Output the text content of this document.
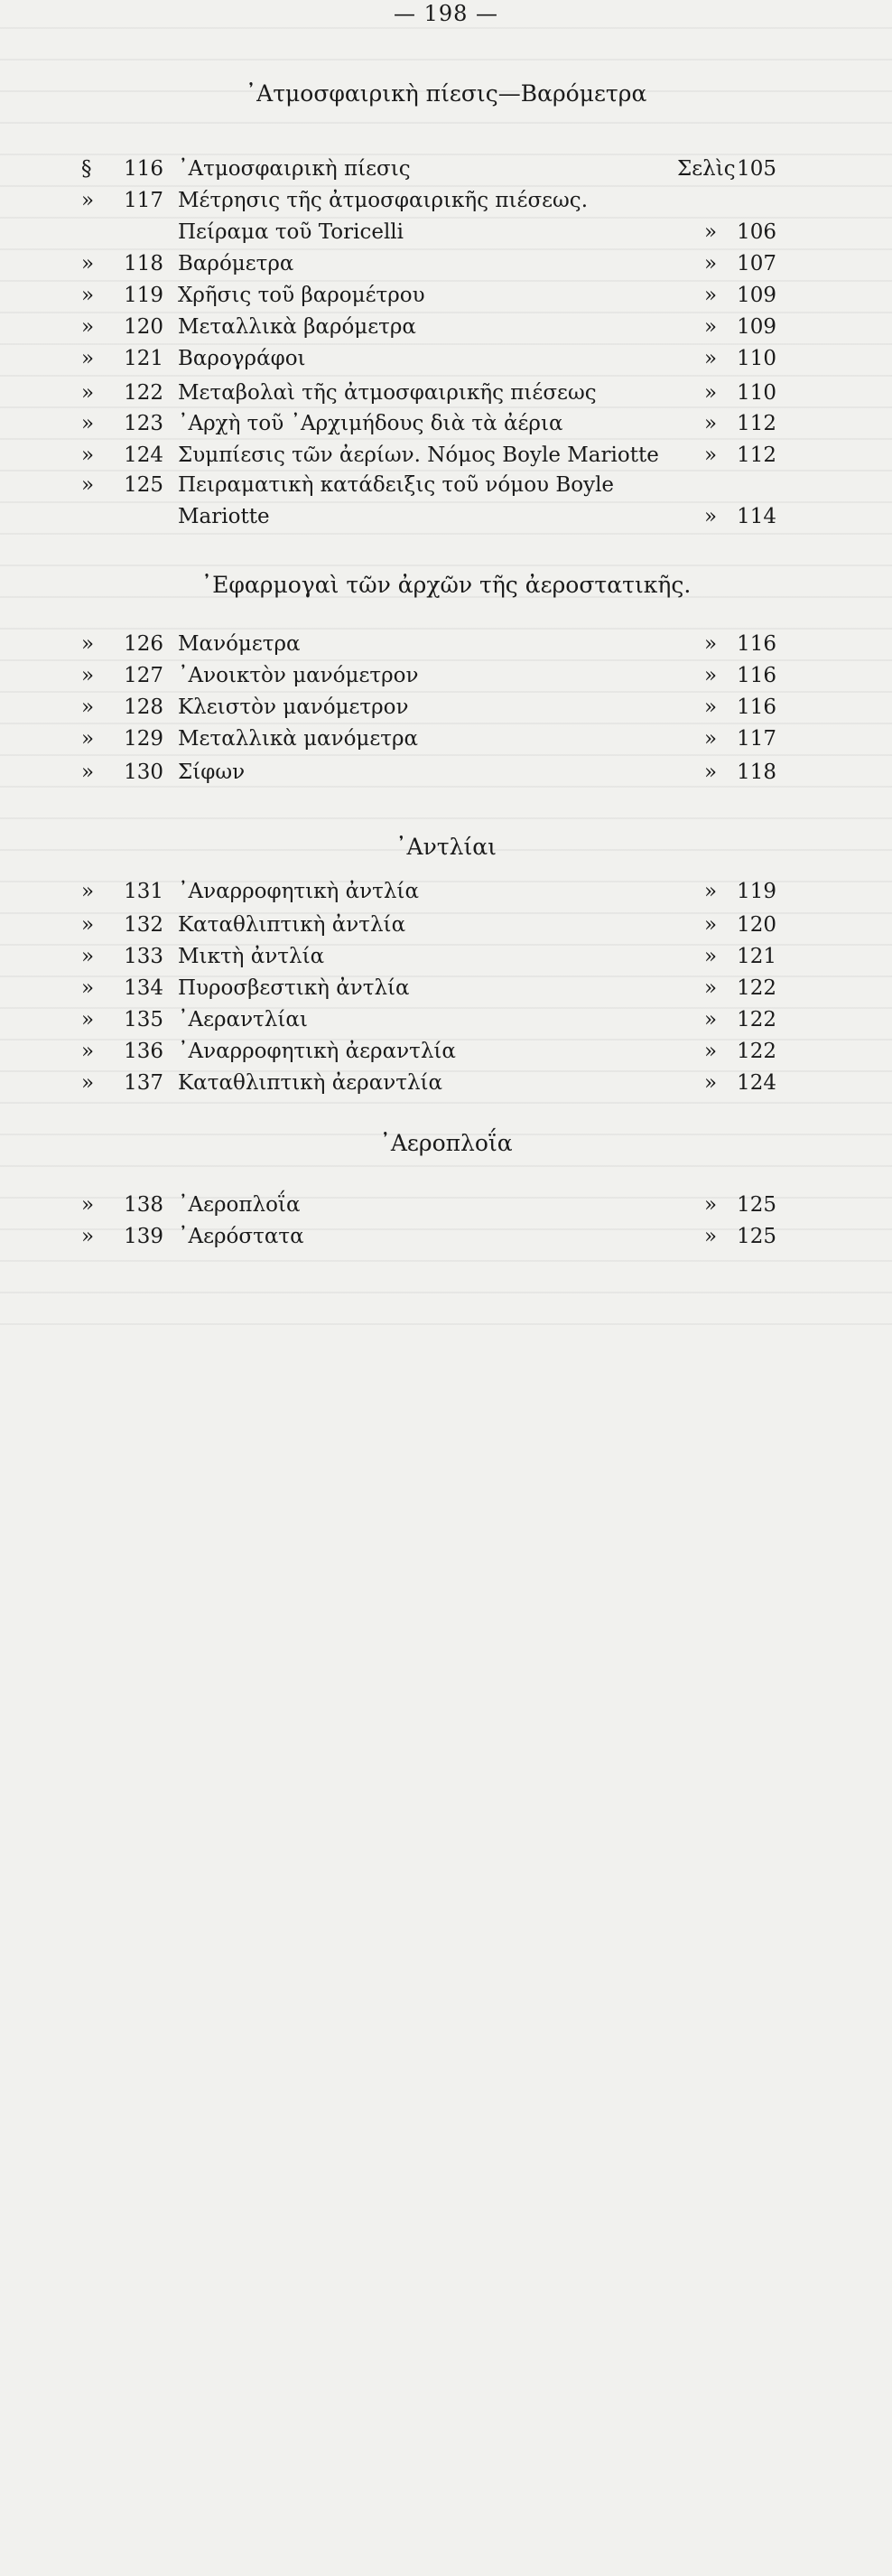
— 198 —
᾿Ατμοσφαιρικὴ πίεσις—Βαρόμετρα
§	116 ᾿Ατμοσφαιρικὴ πίεσις	Σελὶς 105
»	117 Μέτρησις τῆς ἀτμοσφαιρικῆς πιέσεως. Πείραμα τοῦ Toricelli	» 106
»	118 Βαρόμετρα	» 107
»	119 Χρῆσις τοῦ βαρομέτρου	» 109
»	120 Μεταλλικὰ βαρόμετρα	» 109
»	121 Βαρογράφοι	» 110
»	122 Μεταβολαὶ τῆς ἀτμοσφαιρικῆς πιέσεως	» 110
»	123 ᾿Αρχὴ τοῦ ᾿Αρχιμήδους διὰ τὰ ἀέρια	» 112
»	124 Συμπίεσις τῶν ἀερίων. Νόμος Boyle Mariotte » 112
»	125 Πειραματικὴ κατάδειξις τοῦ νόμου Boyle Mariotte	» 114
᾿Εφαρμογαὶ τῶν ἀρχῶν τῆς ἀεροστατικῆς.
»	126 Μανόμετρα	» 116
»	127 ᾿Ανοικτὸν μανόμετρον	» 116
»	128 Κλειστὸν μανόμετρον	» 116
»	129 Μεταλλικὰ μανόμετρα	» 117
»	130 Σίφων	» 118
᾿Αντλίαι
»	131 ᾿Αναρροφητικὴ ἀντλία	» 119
»	132 Καταθλιπτικὴ ἀντλία	» 120
»	133 Μικτὴ ἀντλία	» 121
»	134 Πυροσβεστικὴ ἀντλία	» 122
»	135 ᾿Αεραντλίαι	» 122
»	136 ᾿Αναρροφητικὴ ἀεραντλία	» 122
»	137 Καταθλιπτικὴ ἀεραντλία	» 124
᾿Αεροπλοΐα
»	138 ᾿Αεροπλοΐα	» 125
»	139 ᾿Αερόστατα	» 125
